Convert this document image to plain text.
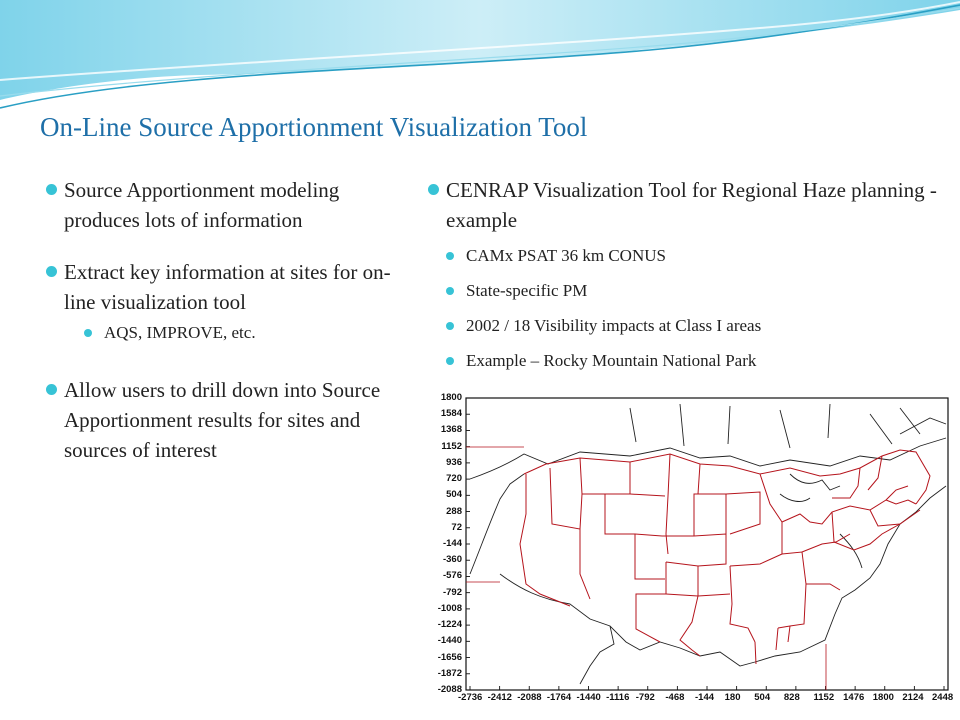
On-Line Source Apportionment Visualization Tool
Source Apportionment modeling produces lots of information
Extract key information at sites for on-line visualization tool
AQS, IMPROVE, etc.
Allow users to drill down into Source Apportionment results for sites and sources of interest
CENRAP Visualization Tool for Regional Haze planning - example
CAMx PSAT 36 km CONUS
State-specific PM
2002 / 18 Visibility impacts at Class I areas
Example – Rocky Mountain National Park
1800
1584
1368
1152
936
720
504
288
72
-144
-360
-576
-792
-1008
-1224
-1440
-1656
-1872
-2088
-2736 -2412 -2088 -1764 -1440 -1116 -792 -468 -144 180 504 828 1152 1476 1800 2124 2448
